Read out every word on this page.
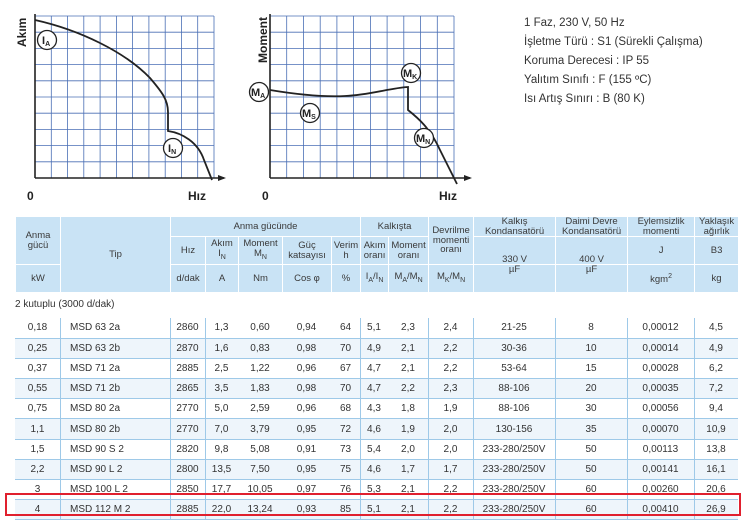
Akım
Hız
0
IA
IN
Moment
Hız
0
MA
MS
MK
MN
1 Faz, 230 V, 50 Hz
İşletme Türü : S1 (Sürekli Çalışma)
Koruma Derecesi : IP 55
Yalıtım Sınıfı : F (155 ºC)
Isı Artış Sınırı : B (80 K)
Anma gücü	Tip	Anma gücünde					Kalkışta		Devrilme momenti oranı	Kalkış Kondansatörü	Daimi Devre Kondansatörü	Eylemsizlik momenti	Yaklaşık ağırlık
		Hız	Akım
$I_N$	Moment
$M_N$	Güç katsayısı	Verim
h	Akım oranı	Moment oranı		330 V	400 V	J	B3
kW		d/dak	A	Nm	Cos φ	%	$I_A/I_N$	$M_A/M_N$	$M_K/M_N$	µF	µF	kgm$^2$	kg
2 kutuplu (3000 d/dak)
0,18	MSD 63 2a	2860	1,3	0,60	0,94	64	5,1	2,3	2,4	21-25	8	0,00012	4,5
0,25	MSD 63 2b	2870	1,6	0,83	0,98	70	4,9	2,1	2,2	30-36	10	0,00014	4,9
0,37	MSD 71 2a	2885	2,5	1,22	0,96	67	4,7	2,1	2,2	53-64	15	0,00028	6,2
0,55	MSD 71 2b	2865	3,5	1,83	0,98	70	4,7	2,2	2,3	88-106	20	0,00035	7,2
0,75	MSD 80 2a	2770	5,0	2,59	0,96	68	4,3	1,8	1,9	88-106	30	0,00056	9,4
1,1	MSD 80 2b	2770	7,0	3,79	0,95	72	4,6	1,9	2,0	130-156	35	0,00070	10,9
1,5	MSD 90 S 2	2820	9,8	5,08	0,91	73	5,4	2,0	2,0	233-280/250V	50	0,00113	13,8
2,2	MSD 90 L 2	2800	13,5	7,50	0,95	75	4,6	1,7	1,7	233-280/250V	50	0,00141	16,1
3	MSD 100 L 2	2850	17,7	10,05	0,97	76	5,3	2,1	2,2	233-280/250V	60	0,00260	20,6
4	MSD 112 M 2	2885	22,0	13,24	0,93	85	5,1	2,1	2,2	233-280/250V	60	0,00410	26,9
